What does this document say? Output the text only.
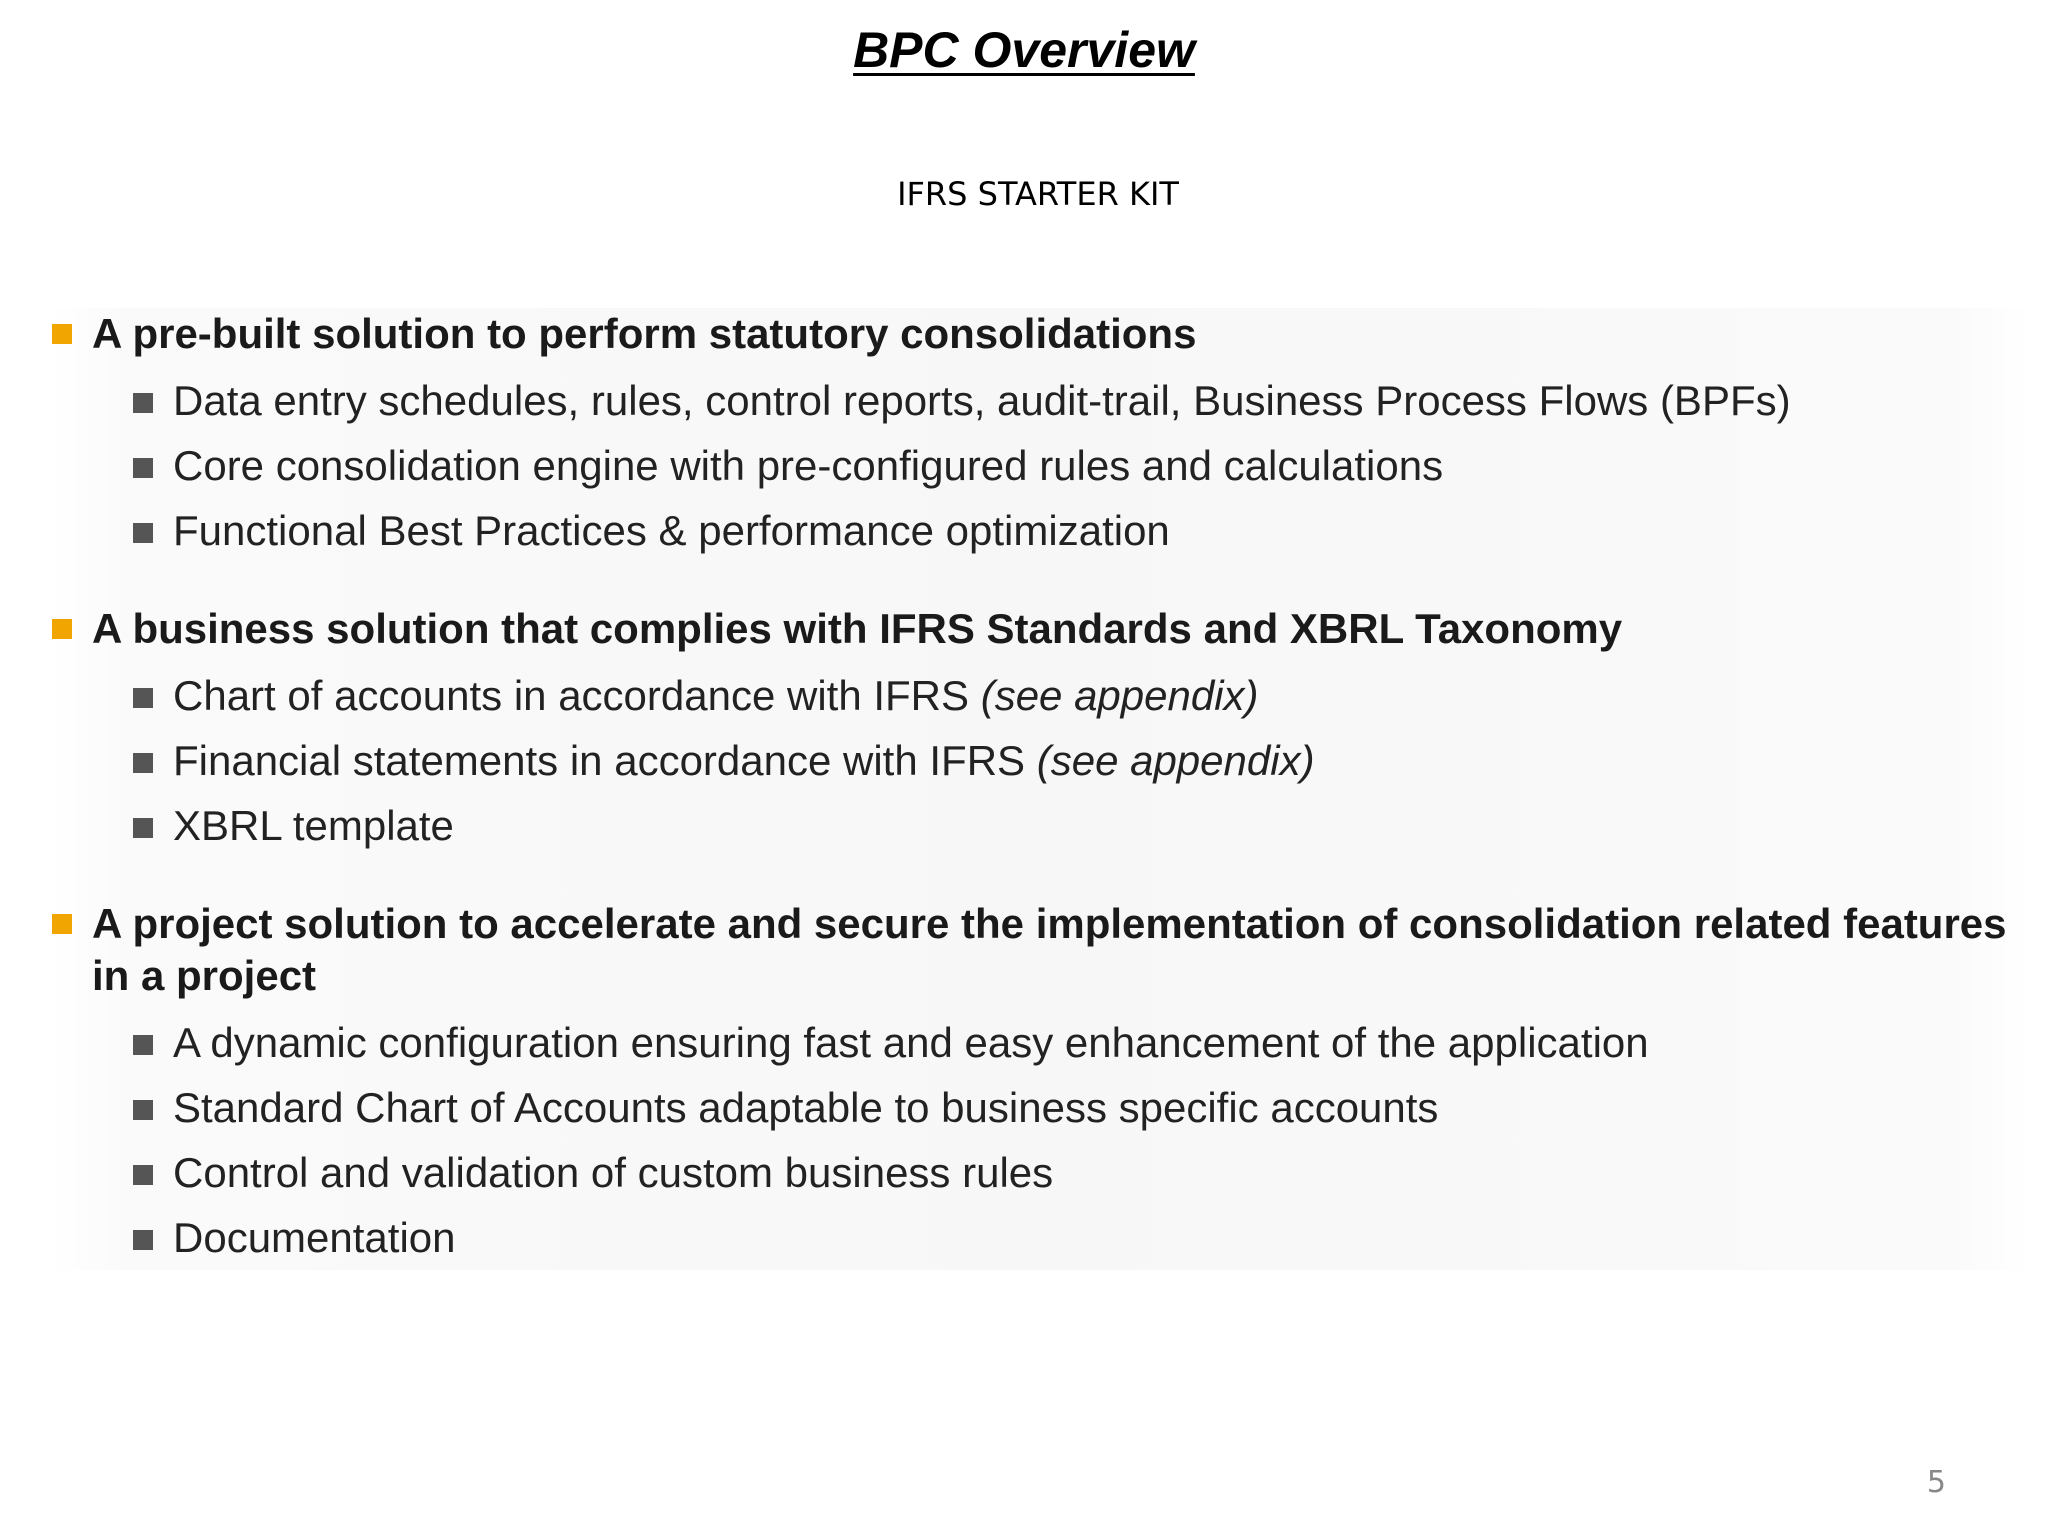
BPC Overview
IFRS STARTER KIT
A pre-built solution to perform statutory consolidations
Data entry schedules, rules, control reports, audit-trail, Business Process Flows (BPFs)
Core consolidation engine with pre-configured rules and calculations
Functional Best Practices & performance optimization
A business solution that complies with IFRS Standards and XBRL Taxonomy
Chart of accounts in accordance with IFRS (see appendix)
Financial statements in accordance with IFRS (see appendix)
XBRL template
A project solution to accelerate and secure the implementation of consolidation related features in a project
A dynamic configuration ensuring fast and easy enhancement of the application
Standard Chart of Accounts adaptable to business specific accounts
Control and validation of custom business rules
Documentation
5
